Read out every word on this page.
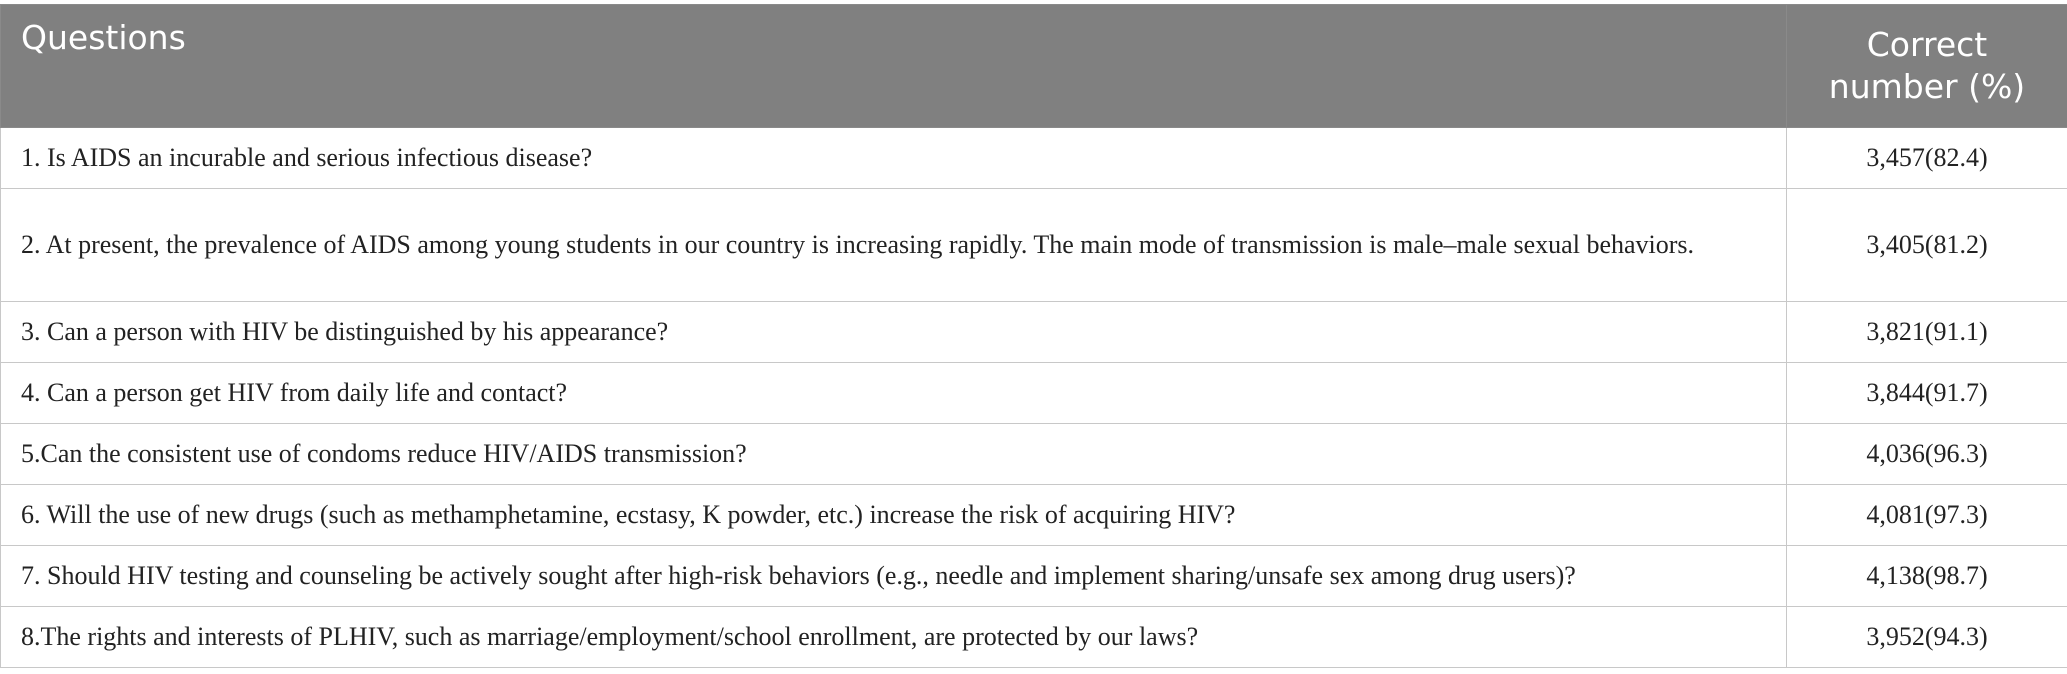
Questions	Correct number (%)
1. Is AIDS an incurable and serious infectious disease?	3,457(82.4)
2. At present, the prevalence of AIDS among young students in our country is increasing rapidly. The main mode of transmission is male–male sexual behaviors.	3,405(81.2)
3. Can a person with HIV be distinguished by his appearance?	3,821(91.1)
4. Can a person get HIV from daily life and contact?	3,844(91.7)
5.Can the consistent use of condoms reduce HIV/AIDS transmission?	4,036(96.3)
6. Will the use of new drugs (such as methamphetamine, ecstasy, K powder, etc.) increase the risk of acquiring HIV?	4,081(97.3)
7. Should HIV testing and counseling be actively sought after high-risk behaviors (e.g., needle and implement sharing/unsafe sex among drug users)?	4,138(98.7)
8.The rights and interests of PLHIV, such as marriage/employment/school enrollment, are protected by our laws?	3,952(94.3)
